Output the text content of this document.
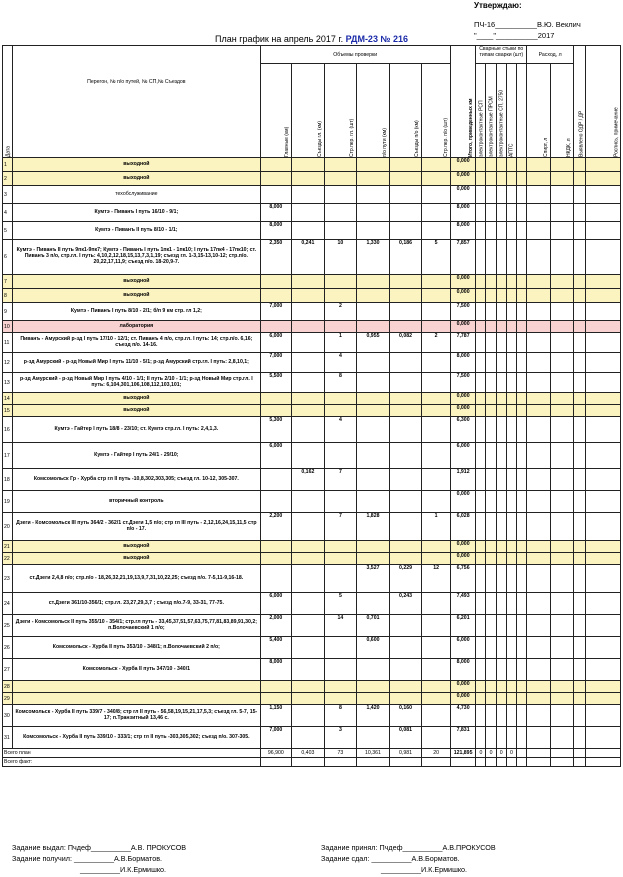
Утверждаю:
ПЧ-16__________В.Ю. Веклич
"____"__________2017
План график на апрель 2017 г. РДМ-23 № 216
Дата	Перегон, № п/о путей, № СП,№ Съездов	Объемы проверки						Итого, приведенных км	Сварные стыки по типам сварки (шт)					Расход, л		Выявлено ОДР / ДР	Роспись, примечание
		Главные (км)	Съезды гл. (км)	Стр.пер. гл. (шт)	п/о пути (км)	Съезды п/о (км)	Стр.пер. п/о (шт)		электроконтактные РСП	электроконтактные ПРСМ	электроконтактные СП, 2750	АПТС		Спирт, л	НКДК, л		
1	выходной							0,000									
2	выходной							0,000									
3	техобслуживание							0,000									
4	Кумтэ - Пиванъ I путь 16/10 - 9/1;	8,000						8,000									
5	Кумтэ - Пиванъ II путь 8/10 - 1/1;	8,000						8,000									
6	Кумтэ - Пиванъ II путь 9пк1-9пк7; Кумтэ - Пиванъ I путь 1пк1 - 1пк10; I путь 17пк4 - 17пк10; ст. Пиванъ 3 п/о, стр.гл. I путь: 4,10,2,12,18,15,13,7,3,1,19; съезд гл. 1-3,15-13,10-12; стр.п/о. 20,22,17,11,9; съезд п/о. 18-20,9-7.	2,350	0,241	10	1,330	0,186	5	7,857									
7	выходной							0,000									
8	выходной							0,000									
9	Кумтэ - Пиванъ I путь 8/10 - 2/1; б/п 9 км стр. гл 1,2;	7,000		2				7,500									
10	лаборатория							0,000									
11	Пиванъ - Амурский р-зд I путь 17/10 - 12/1; ст. Пиванъ 4 п/о, стр.гл. I путь: 14; стр.п/о. 6,16; съезд п/о. 14-16.	6,000		1	0,955	0,082	2	7,787									
12	р-зд Амурский - р-зд Новый Мир I путь 11/10 - 5/1; р-зд Амурский стр.гл. I путь: 2,8,10,1;	7,000		4				8,000									
13	р-зд Амурский - р-зд Новый Мир I путь 4/10 - 1/1; II путь 2/10 - 1/1; р-зд Новый Мир стр.гл. I путь: 6,104,301,106,108,112,103,101;	5,500		8				7,500									
14	выходной							0,000									
15	выходной							0,000									
16	Кумтэ - Гайтер I путь 18/8 - 23/10; ст. Кумтэ стр.гл. I путь: 2,4,1,3.	5,300		4				6,300									
17	Кумтэ - Гайтер I путь 24/1 - 29/10;	6,000						6,000									
18	Комсомольск Гр - Хурба стр гл II путь -10,8,302,303,305; съезд гл. 10-12, 305-307.		0,162	7				1,912									
19	вторичный контроль							0,000									
20	Дзеги - Комсомольск III путь 364/2 - 362/1 ст.Дзеги 1,5 п/о; стр гл III путь - 2,12,16,24,15,11,5 стр п/о - 17.	2,200		7	1,828		1	6,028									
21	выходной							0,000									
22	выходной							0,000									
23	ст.Дзеги 2,4,8 п/о; стр.п/о - 18,26,32,21,19,13,9,7,31,10,22,25; съезд п/о. 7-5,11-9,16-18.				3,527	0,229	12	6,756									
24	ст.Дзеги 361/10-356/1; стр.гл. 23,27,29,3,7 ; съезд п/о.7-9, 33-31, 77-75.	6,000		5		0,243		7,493									
25	Дзеги - Комсомольск II путь 355/10 - 354/1; стр.гл путь - 33,45,37,51,57,63,75,77,81,83,89,91,30,2; п.Волочаевский 1 п/о;	2,000		14	0,701			6,201									
26	Комсомольск - Хурба II путь 353/10 - 348/1; п.Волочаевский 2 п/о;	5,400			0,600			6,000									
27	Комсомольск - Хурба II путь 347/10 - 340/1	8,000						8,000									
28								0,000									
29								0,000									
30	Комсомольск - Хурба II путь 339/7 - 340/8; стр гл II путь - 56,58,19,15,21,17,5,3; съезд гл. 5-7, 15-17; п.Транзитный 13,46 с.	1,150		8	1,420	0,160		4,730									
31	Комсомольск - Хурба II путь 339/10 - 333/1; стр гл II путь -303,305,302; съезд п/о. 307-305.	7,000		3		0,081		7,831									
Всего план		96,900	0,403	73	10,361	0,981	20	121,895	0	0	0	0					
Всего факт:																	
Задание выдал: Пчдеф__________А.В. ПРОКУСОВ
Задание получил: __________А.В.Борматов.
__________И.К.Ермишко.
Задание принял: Пчдеф__________А.В.ПРОКУСОВ
Задание сдал: __________А.В.Борматов.
__________И.К.Ермишко.
